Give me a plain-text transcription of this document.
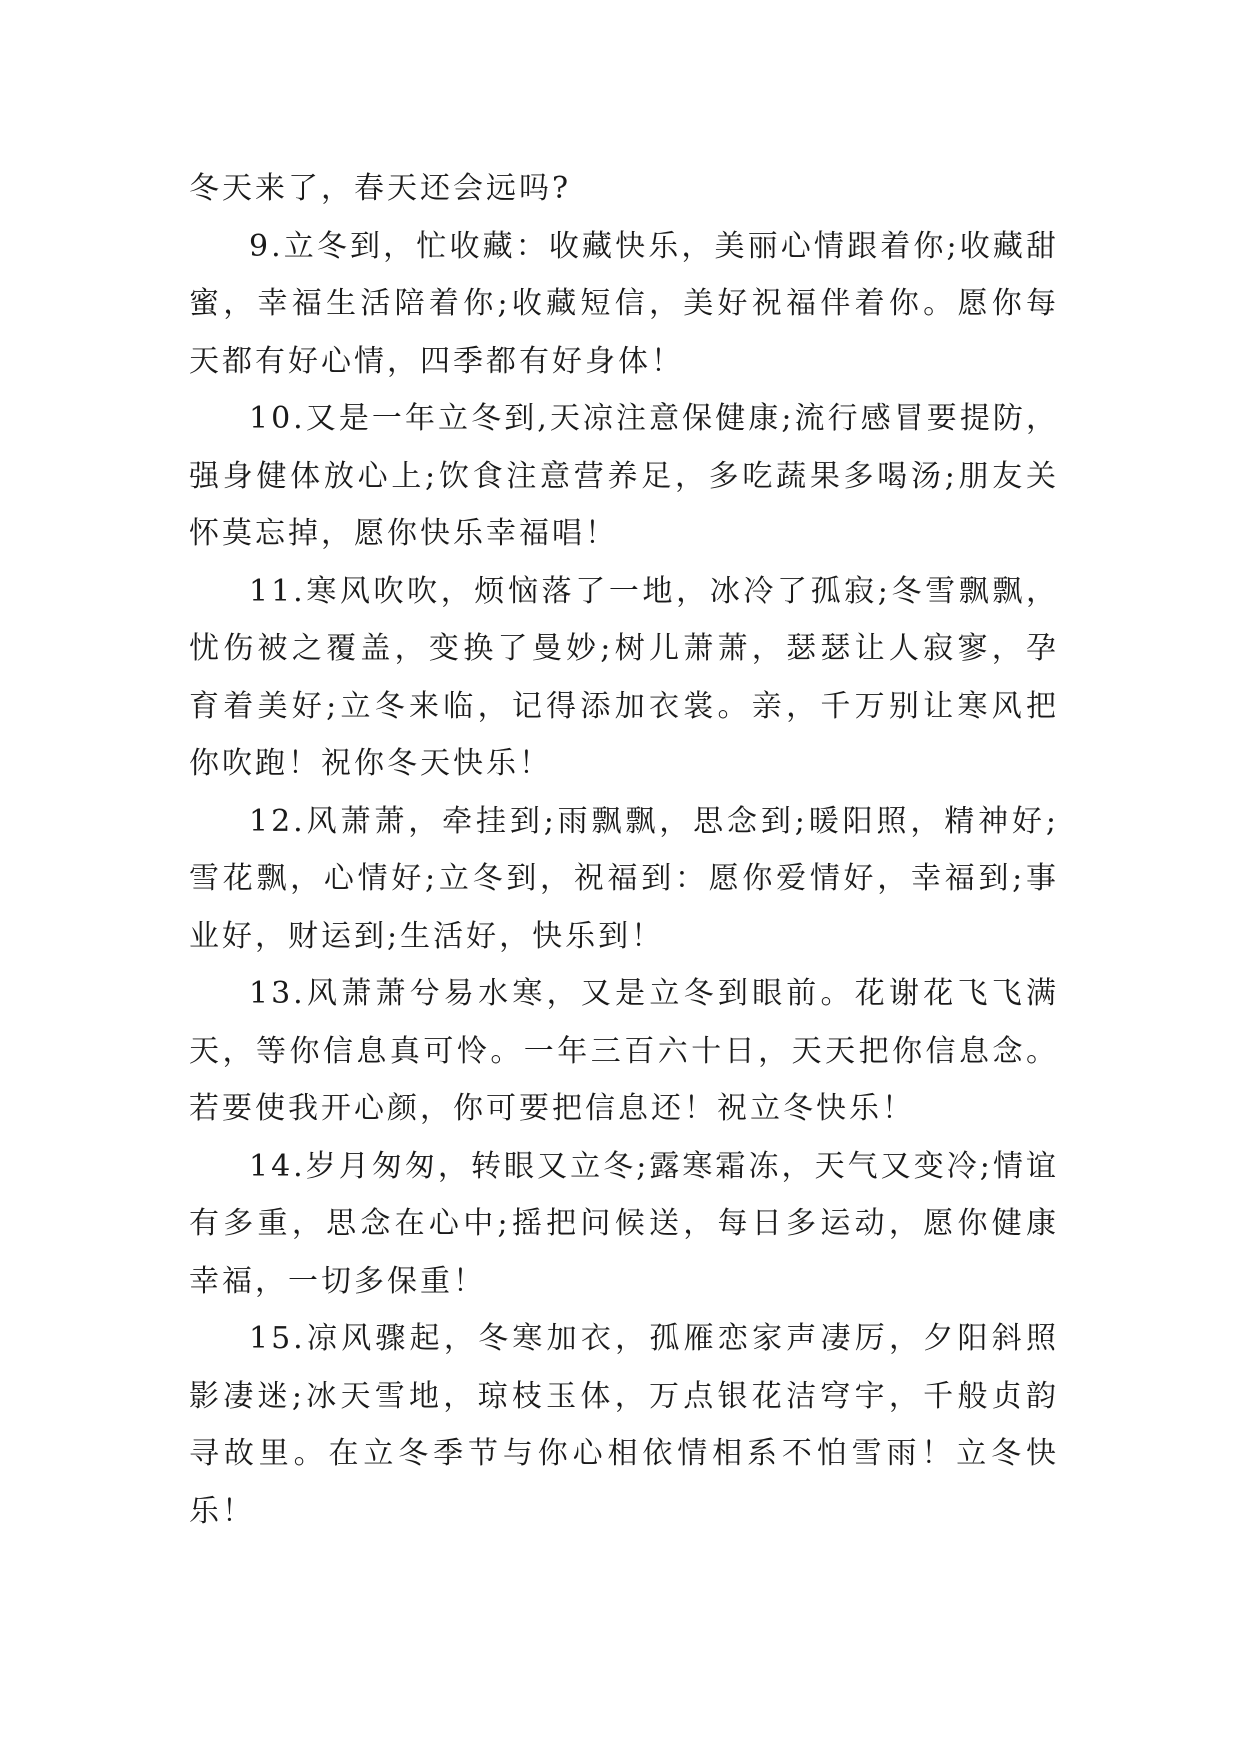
冬天来了，春天还会远吗?

9.立冬到，忙收藏：收藏快乐，美丽心情跟着你;收藏甜蜜，幸福生活陪着你;收藏短信，美好祝福伴着你。愿你每天都有好心情，四季都有好身体！

10.又是一年立冬到,天凉注意保健康;流行感冒要提防，强身健体放心上;饮食注意营养足，多吃蔬果多喝汤;朋友关怀莫忘掉，愿你快乐幸福唱！

11.寒风吹吹，烦恼落了一地，冰冷了孤寂;冬雪飘飘，忧伤被之覆盖，变换了曼妙;树儿萧萧，瑟瑟让人寂寥，孕育着美好;立冬来临，记得添加衣裳。亲，千万别让寒风把你吹跑！祝你冬天快乐！

12.风萧萧，牵挂到;雨飘飘，思念到;暖阳照，精神好;雪花飘，心情好;立冬到，祝福到：愿你爱情好，幸福到;事业好，财运到;生活好，快乐到！

13.风萧萧兮易水寒，又是立冬到眼前。花谢花飞飞满天，等你信息真可怜。一年三百六十日，天天把你信息念。若要使我开心颜，你可要把信息还！祝立冬快乐！

14.岁月匆匆，转眼又立冬;露寒霜冻，天气又变冷;情谊有多重，思念在心中;摇把问候送，每日多运动，愿你健康幸福，一切多保重！

15.凉风骤起，冬寒加衣，孤雁恋家声凄厉，夕阳斜照影凄迷;冰天雪地，琼枝玉体，万点银花洁穹宇，千般贞韵寻故里。在立冬季节与你心相依情相系不怕雪雨！立冬快乐！
